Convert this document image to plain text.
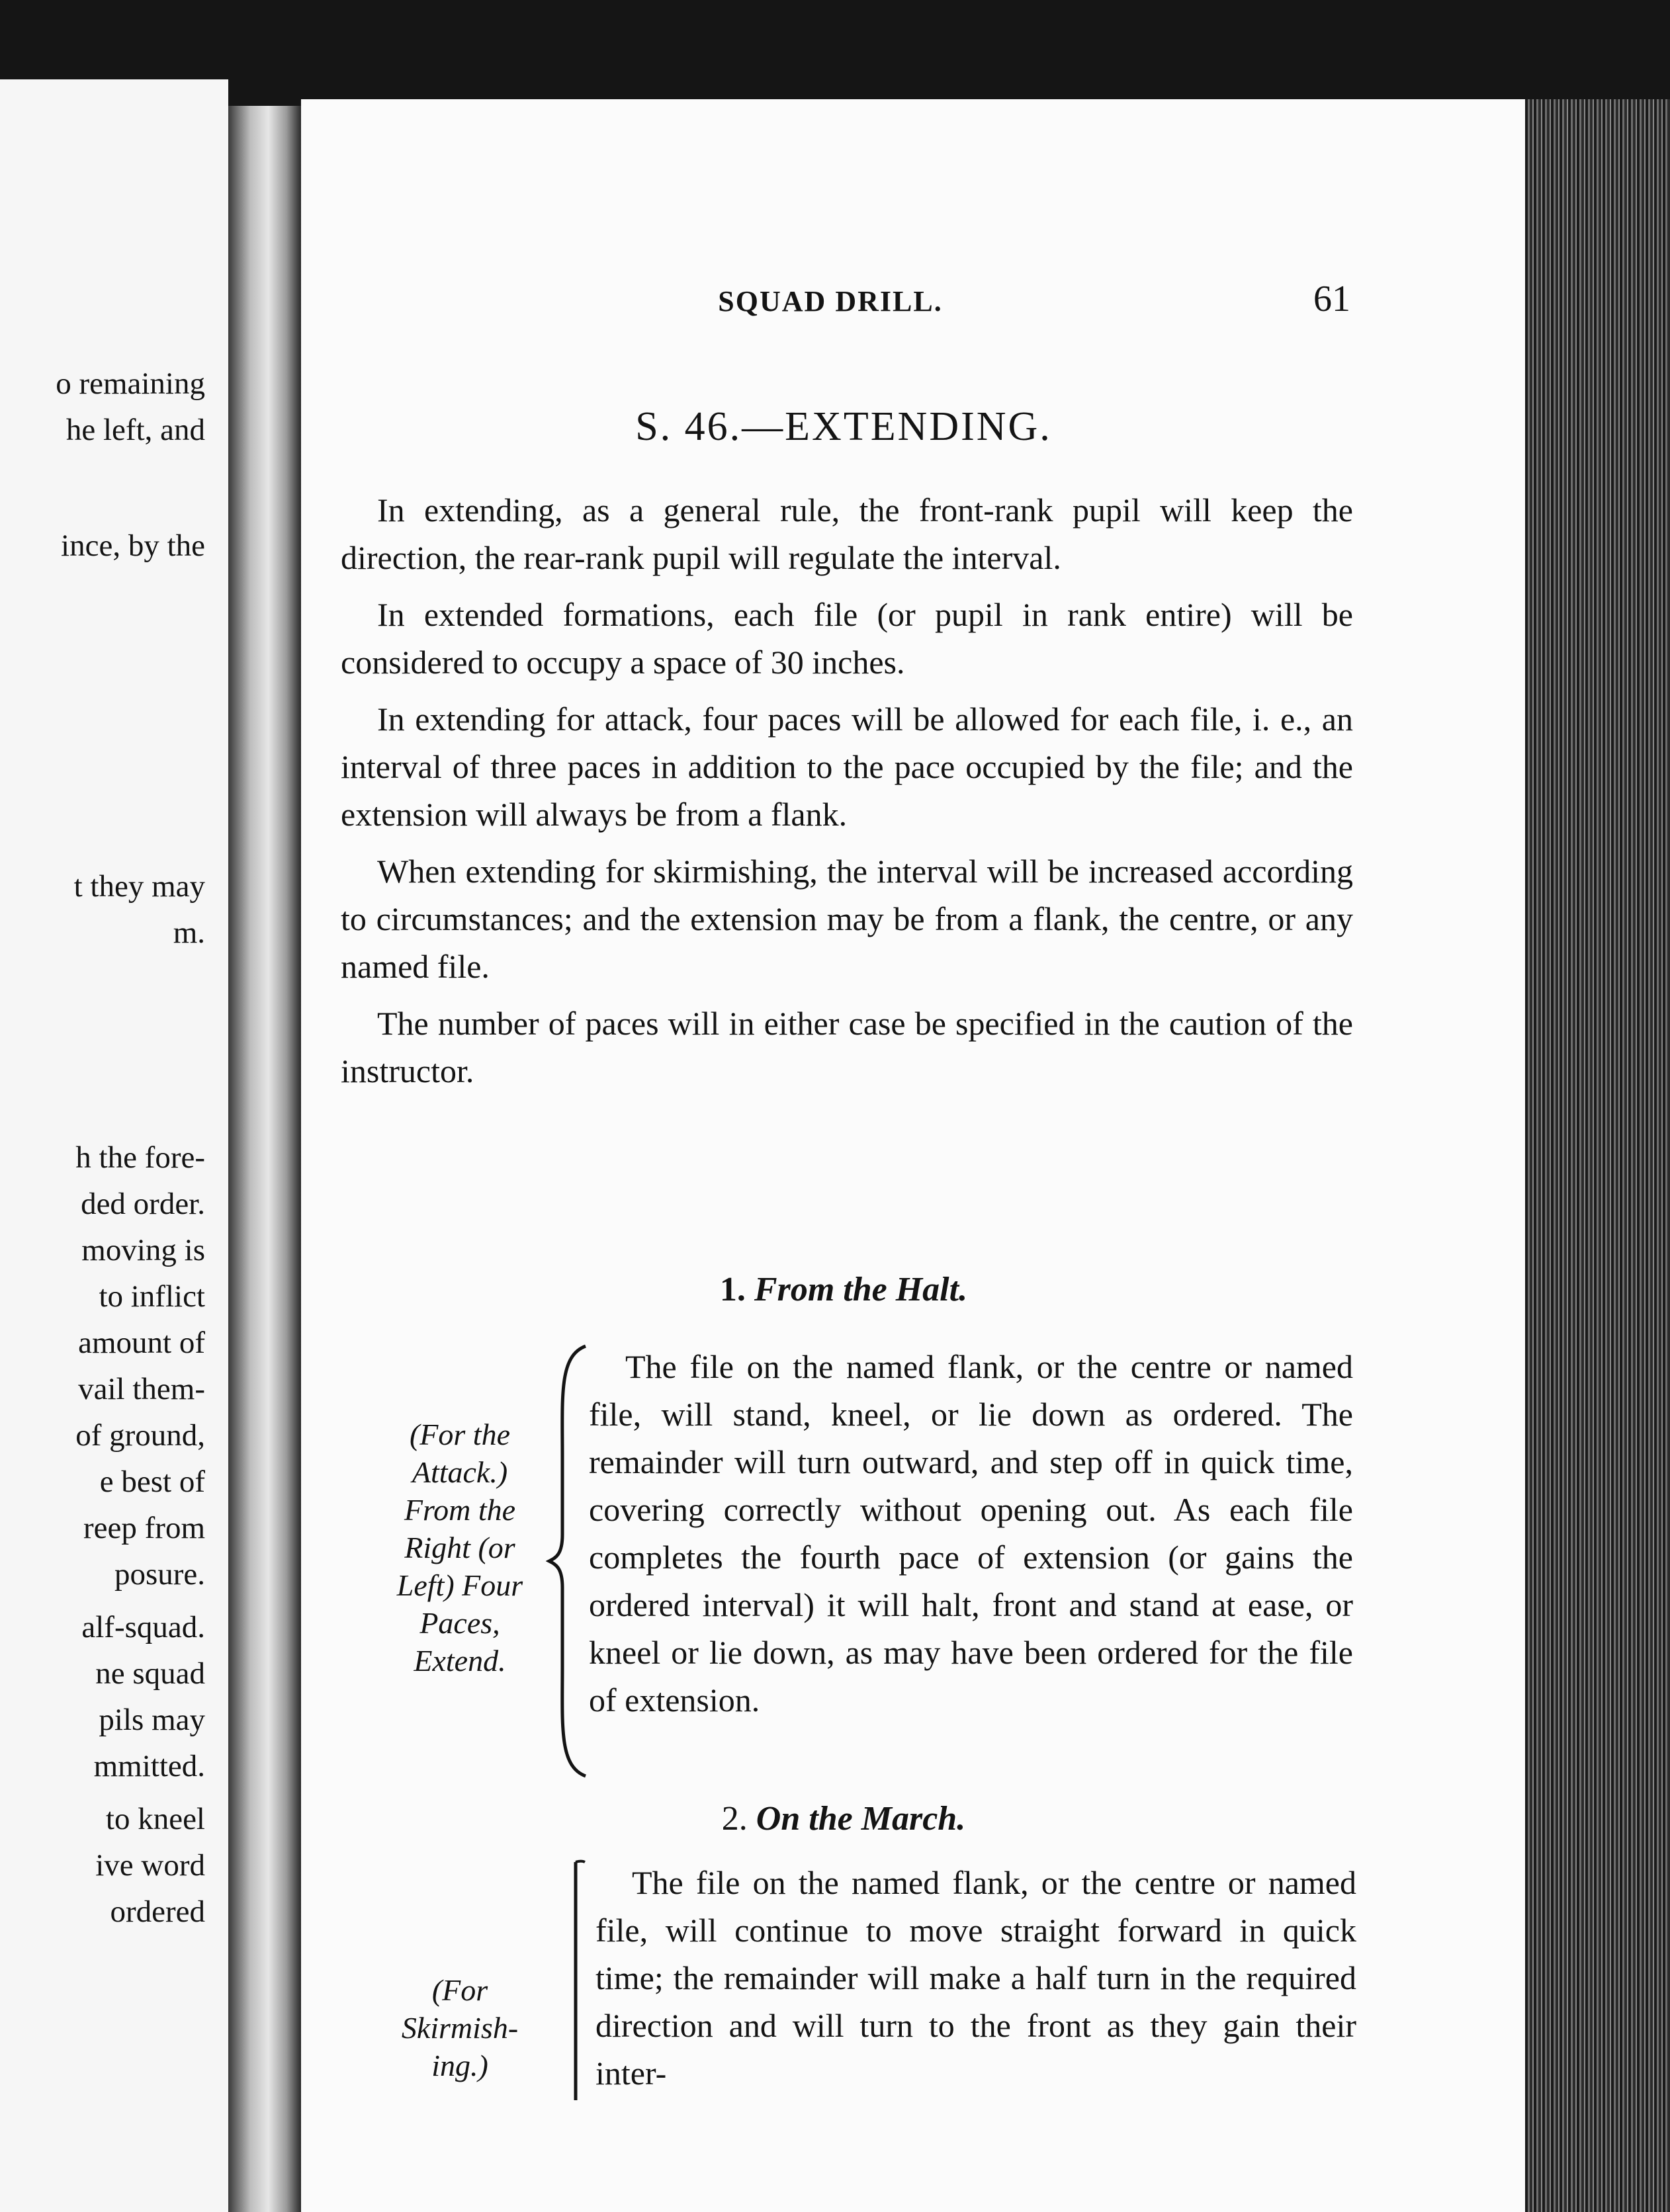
o remaining
he left, and
ince, by the
t they may
m.
h the fore-
ded order.
moving is
to inflict
amount of
vail them-
of ground,
e best of
reep from
posure.
alf-squad.
ne squad
pils may
mmitted.
to kneel
ive word
ordered
SQUAD DRILL.	61
S. 46.—EXTENDING.

In extending, as a general rule, the front-rank pupil will keep the direction, the rear-rank pupil will regulate the interval.

In extended formations, each file (or pupil in rank entire) will be considered to occupy a space of 30 inches.

In extending for attack, four paces will be allowed for each file, i. e., an interval of three paces in addition to the pace occupied by the file; and the extension will always be from a flank.

When extending for skirmishing, the interval will be increased according to circumstances; and the extension may be from a flank, the centre, or any named file.

The number of paces will in either case be specified in the caution of the instructor.

1. From the Halt.
(For the
Attack.)
From the
Right (or
Left) Four
Paces,
Extend.
The file on the named flank, or the centre or named file, will stand, kneel, or lie down as ordered. The remainder will turn outward, and step off in quick time, covering correctly without opening out. As each file completes the fourth pace of extension (or gains the ordered interval) it will halt, front and stand at ease, or kneel or lie down, as may have been ordered for the file of extension.
2. On the March.
(For
Skirmish-
ing.)
The file on the named flank, or the centre or named file, will continue to move straight forward in quick time; the remainder will make a half turn in the required direction and will turn to the front as they gain their inter-
